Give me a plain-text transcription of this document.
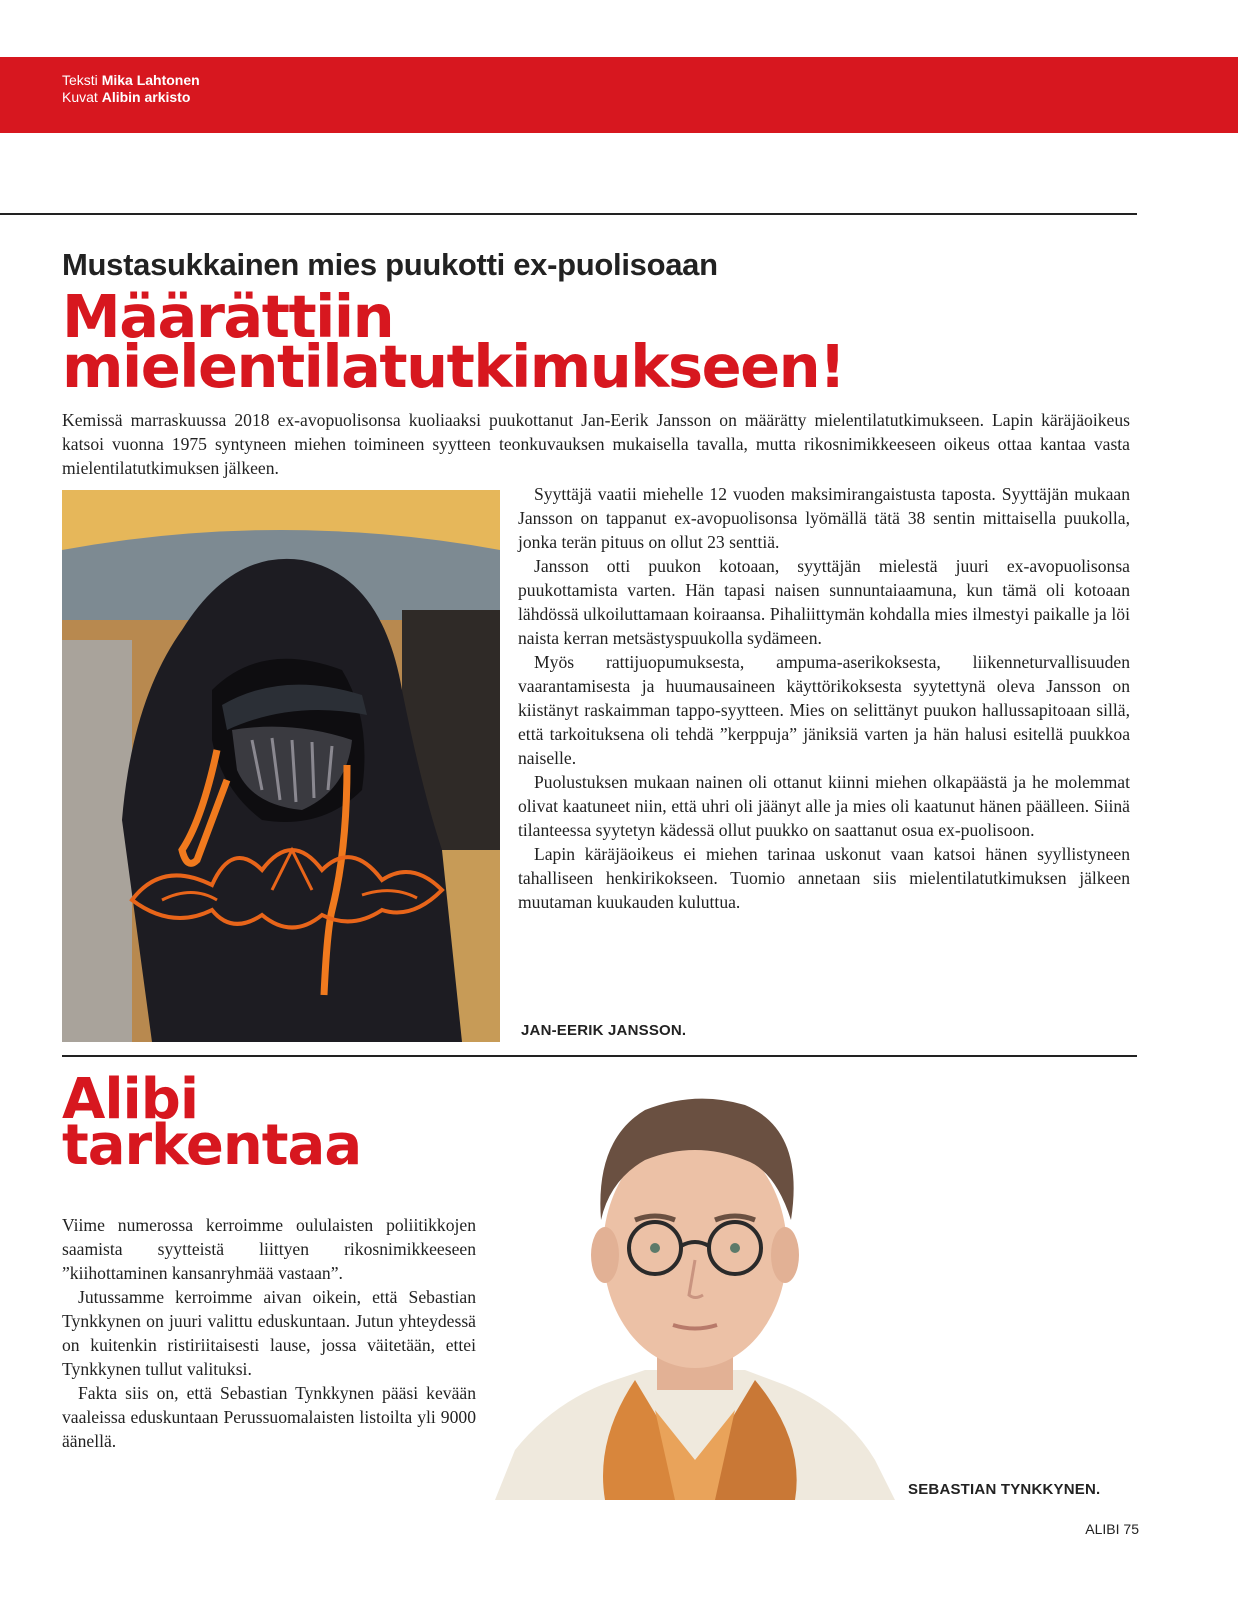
Teksti Mika Lahtonen
Kuvat Alibin arkisto
Mustasukkainen mies puukotti ex-puolisoaan
Määrättiin
mielentilatutkimukseen!

Kemissä marraskuussa 2018 ex-avopuolisonsa kuoliaaksi puukottanut Jan-Eerik Jansson on määrätty mielentilatutkimukseen. Lapin käräjäoikeus katsoi vuonna 1975 syntyneen miehen toimineen syytteen teonkuvauksen mukaisella tavalla, mutta rikosnimikkeeseen oikeus ottaa kantaa vasta mielentilatutkimuksen jälkeen.

Syyttäjä vaatii miehelle 12 vuoden maksimirangaistusta taposta. Syyttäjän mukaan Jansson on tappanut ex-avopuolisonsa lyömällä tätä 38 sentin mittaisella puukolla, jonka terän pituus on ollut 23 senttiä.

Jansson otti puukon kotoaan, syyttäjän mielestä juuri ex-avopuolisonsa puukottamista varten. Hän tapasi naisen sunnuntaiaamuna, kun tämä oli kotoaan lähdössä ulkoiluttamaan koiraansa. Pihaliittymän kohdalla mies ilmestyi paikalle ja löi naista kerran metsästyspuukolla sydämeen.

Myös rattijuopumuksesta, ampuma-aserikoksesta, liikenneturvallisuuden vaarantamisesta ja huumausaineen käyttörikoksesta syytettynä oleva Jansson on kiistänyt raskaimman tappo-syytteen. Mies on selittänyt puukon hallussapitoaan sillä, että tarkoituksena oli tehdä ”kerppuja” jäniksiä varten ja hän halusi esitellä puukkoa naiselle.

Puolustuksen mukaan nainen oli ottanut kiinni miehen olkapäästä ja he molemmat olivat kaatuneet niin, että uhri oli jäänyt alle ja mies oli kaatunut hänen päälleen. Siinä tilanteessa syytetyn kädessä ollut puukko on saattanut osua ex-puolisoon.

Lapin käräjäoikeus ei miehen tarinaa uskonut vaan katsoi hänen syyllistyneen tahalliseen henkirikokseen. Tuomio annetaan siis mielentilatutkimuksen jälkeen muutaman kuukauden kuluttua.

JAN-EERIK JANSSON.
Alibi
tarkentaa

Viime numerossa kerroimme oululaisten poliitikkojen saamista syytteistä liittyen rikosnimikkeeseen ”kiihottaminen kansanryhmää vastaan”.

Jutussamme kerroimme aivan oikein, että Sebastian Tynkkynen on juuri valittu eduskuntaan. Jutun yhteydessä on kuitenkin ristiriitaisesti lause, jossa väitetään, ettei Tynkkynen tullut valituksi.

Fakta siis on, että Sebastian Tynkkynen pääsi kevään vaaleissa eduskuntaan Perussuomalaisten listoilta yli 9000 äänellä.

SEBASTIAN TYNKKYNEN.
ALIBI 75
